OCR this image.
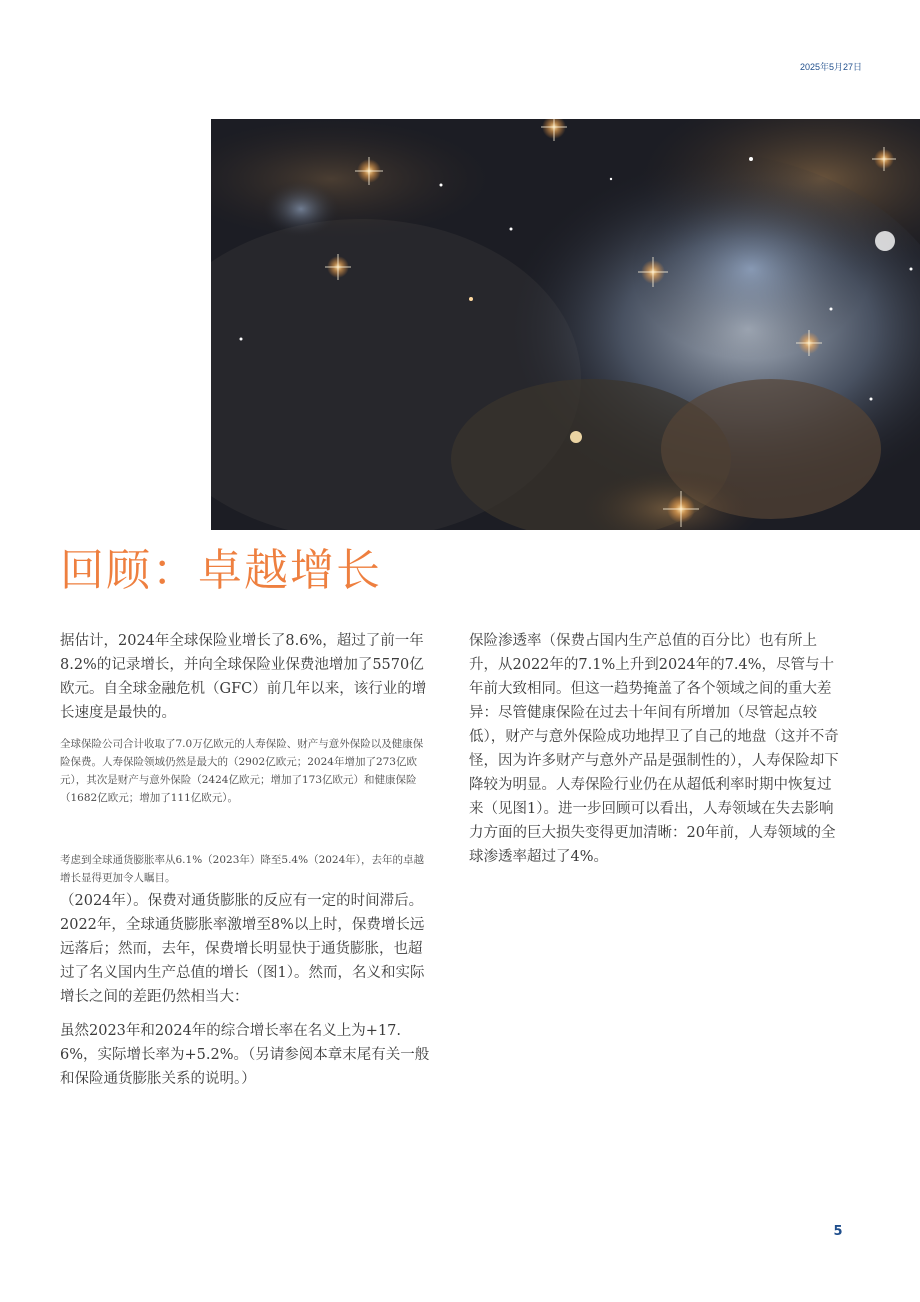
2025年5月27日
回顾：卓越增长

据估计，2024年全球保险业增长了8.6%，超过了前一年8.2%的记录增长，并向全球保险业保费池增加了5570亿欧元。自全球金融危机（GFC）前几年以来，该行业的增长速度是最快的。

全球保险公司合计收取了7.0万亿欧元的人寿保险、财产与意外保险以及健康保险保费。人寿保险领域仍然是最大的（2902亿欧元；2024年增加了273亿欧元），其次是财产与意外保险（2424亿欧元；增加了173亿欧元）和健康保险（1682亿欧元；增加了111亿欧元）。

考虑到全球通货膨胀率从6.1%（2023年）降至5.4%（2024年），去年的卓越增长显得更加令人瞩目。

（2024年）。保费对通货膨胀的反应有一定的时间滞后。2022年，全球通货膨胀率激增至8%以上时，保费增长远远落后；然而，去年，保费增长明显快于通货膨胀，也超过了名义国内生产总值的增长（图1）。然而，名义和实际增长之间的差距仍然相当大：

虽然2023年和2024年的综合增长率在名义上为+17.6%，实际增长率为+5.2%。（另请参阅本章末尾有关一般和保险通货膨胀关系的说明。）

保险渗透率（保费占国内生产总值的百分比）也有所上升，从2022年的7.1%上升到2024年的7.4%，尽管与十年前大致相同。但这一趋势掩盖了各个领域之间的重大差异：尽管健康保险在过去十年间有所增加（尽管起点较低），财产与意外保险成功地捍卫了自己的地盘（这并不奇怪，因为许多财产与意外产品是强制性的），人寿保险却下降较为明显。人寿保险行业仍在从超低利率时期中恢复过来（见图1）。进一步回顾可以看出，人寿领域在失去影响力方面的巨大损失变得更加清晰：20年前，人寿领域的全球渗透率超过了4%。

5
